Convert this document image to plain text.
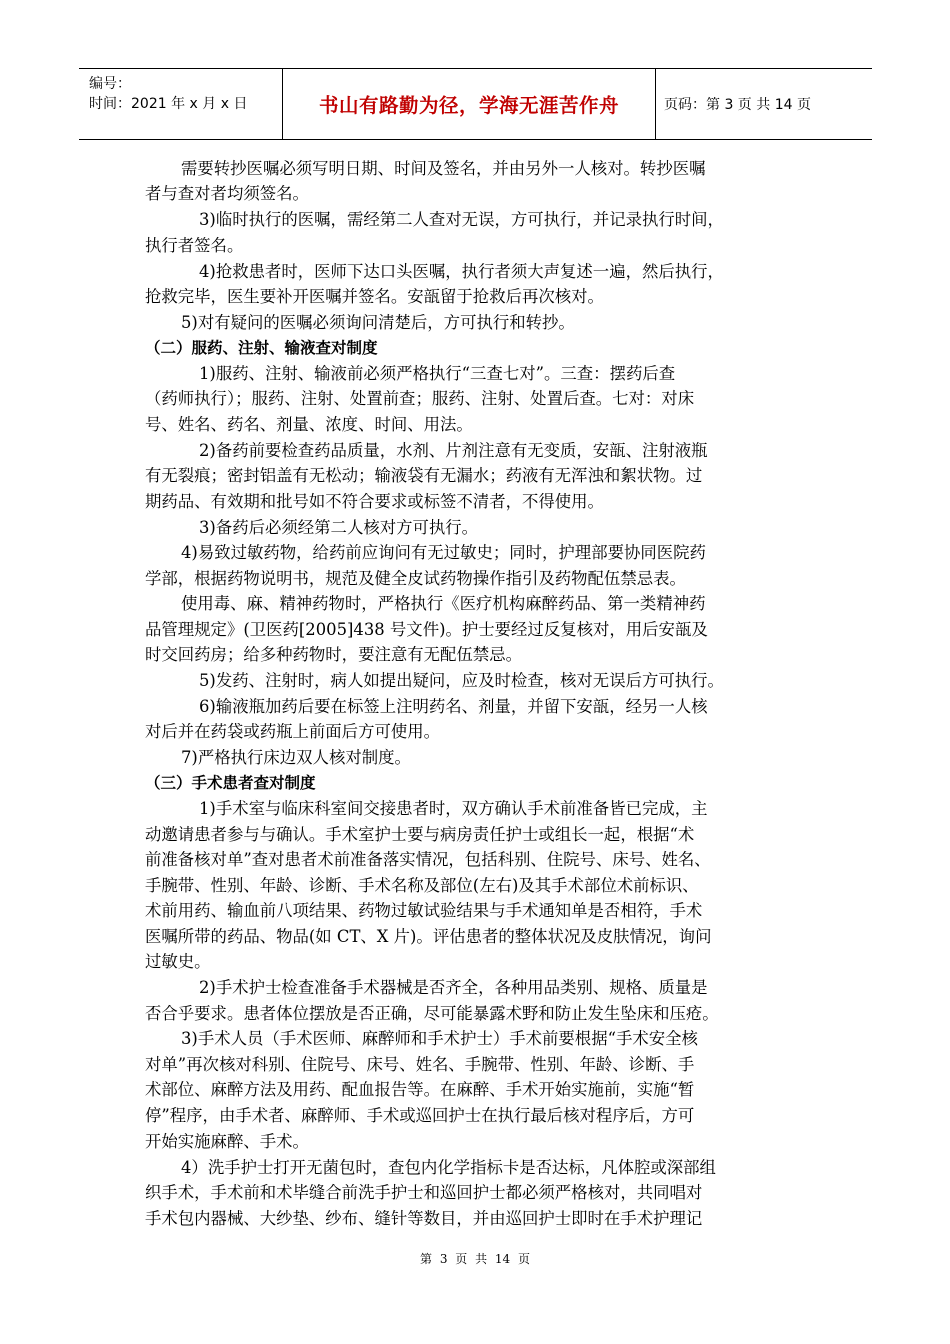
编号：
时间：2021 年 x 月 x 日	书山有路勤为径，学海无涯苦作舟	页码：第 3 页 共 14 页
需要转抄医嘱必须写明日期、时间及签名，并由另外一人核对。转抄医嘱
者与查对者均须签名。
3)临时执行的医嘱，需经第二人查对无误，方可执行，并记录执行时间，
执行者签名。
4)抢救患者时，医师下达口头医嘱，执行者须大声复述一遍，然后执行，
抢救完毕，医生要补开医嘱并签名。安瓿留于抢救后再次核对。
5)对有疑问的医嘱必须询问清楚后，方可执行和转抄。
（二）服药、注射、输液查对制度
1)服药、注射、输液前必须严格执行“三查七对”。三查：摆药后查
（药师执行）；服药、注射、处置前查；服药、注射、处置后查。七对：对床
号、姓名、药名、剂量、浓度、时间、用法。
2)备药前要检查药品质量，水剂、片剂注意有无变质，安瓿、注射液瓶
有无裂痕；密封铝盖有无松动；输液袋有无漏水；药液有无浑浊和絮状物。过
期药品、有效期和批号如不符合要求或标签不清者，不得使用。
3)备药后必须经第二人核对方可执行。
4)易致过敏药物，给药前应询问有无过敏史；同时，护理部要协同医院药
学部，根据药物说明书，规范及健全皮试药物操作指引及药物配伍禁忌表。
使用毒、麻、精神药物时，严格执行《医疗机构麻醉药品、第一类精神药
品管理规定》(卫医药[2005]438 号文件)。护士要经过反复核对，用后安瓿及
时交回药房；给多种药物时，要注意有无配伍禁忌。
5)发药、注射时，病人如提出疑问，应及时检查，核对无误后方可执行。
6)输液瓶加药后要在标签上注明药名、剂量，并留下安瓿，经另一人核
对后并在药袋或药瓶上前面后方可使用。
7)严格执行床边双人核对制度。
（三）手术患者查对制度
1)手术室与临床科室间交接患者时，双方确认手术前准备皆已完成，主
动邀请患者参与与确认。手术室护士要与病房责任护士或组长一起，根据“术
前准备核对单”查对患者术前准备落实情况，包括科别、住院号、床号、姓名、
手腕带、性别、年龄、诊断、手术名称及部位(左右)及其手术部位术前标识、
术前用药、输血前八项结果、药物过敏试验结果与手术通知单是否相符，手术
医嘱所带的药品、物品(如 CT、X 片)。评估患者的整体状况及皮肤情况，询问
过敏史。
2)手术护士检查准备手术器械是否齐全，各种用品类别、规格、质量是
否合乎要求。患者体位摆放是否正确，尽可能暴露术野和防止发生坠床和压疮。
3)手术人员（手术医师、麻醉师和手术护士）手术前要根据“手术安全核
对单”再次核对科别、住院号、床号、姓名、手腕带、性别、年龄、诊断、手
术部位、麻醉方法及用药、配血报告等。在麻醉、手术开始实施前，实施“暂
停”程序，由手术者、麻醉师、手术或巡回护士在执行最后核对程序后，方可
开始实施麻醉、手术。
4）洗手护士打开无菌包时，查包内化学指标卡是否达标，凡体腔或深部组
织手术，手术前和术毕缝合前洗手护士和巡回护士都必须严格核对，共同唱对
手术包内器械、大纱垫、纱布、缝针等数目，并由巡回护士即时在手术护理记
第 3 页 共 14 页
